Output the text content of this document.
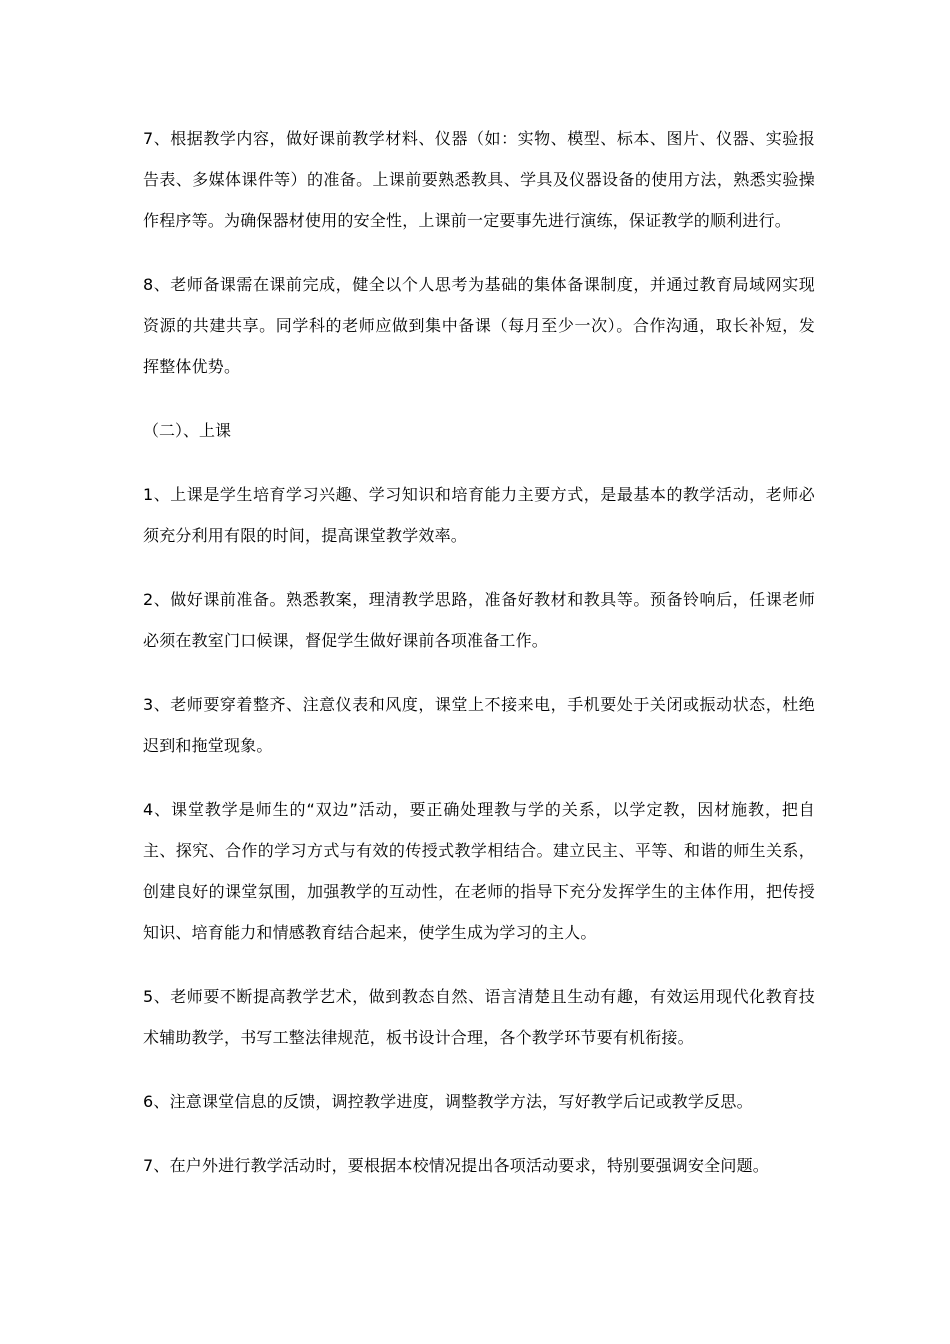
7、根据教学内容，做好课前教学材料、仪器（如：实物、模型、标本、图片、仪器、实验报告表、多媒体课件等）的准备。上课前要熟悉教具、学具及仪器设备的使用方法，熟悉实验操作程序等。为确保器材使用的安全性，上课前一定要事先进行演练，保证教学的顺利进行。

8、老师备课需在课前完成，健全以个人思考为基础的集体备课制度，并通过教育局域网实现资源的共建共享。同学科的老师应做到集中备课（每月至少一次）。合作沟通，取长补短，发挥整体优势。

（二）、上课

1、上课是学生培育学习兴趣、学习知识和培育能力主要方式，是最基本的教学活动，老师必须充分利用有限的时间，提高课堂教学效率。

2、做好课前准备。熟悉教案，理清教学思路，准备好教材和教具等。预备铃响后，任课老师必须在教室门口候课，督促学生做好课前各项准备工作。

3、老师要穿着整齐、注意仪表和风度，课堂上不接来电，手机要处于关闭或振动状态，杜绝迟到和拖堂现象。

4、课堂教学是师生的“双边”活动，要正确处理教与学的关系，以学定教，因材施教，把自主、探究、合作的学习方式与有效的传授式教学相结合。建立民主、平等、和谐的师生关系，创建良好的课堂氛围，加强教学的互动性，在老师的指导下充分发挥学生的主体作用，把传授知识、培育能力和情感教育结合起来，使学生成为学习的主人。

5、老师要不断提高教学艺术，做到教态自然、语言清楚且生动有趣，有效运用现代化教育技术辅助教学，书写工整法律规范，板书设计合理，各个教学环节要有机衔接。

6、注意课堂信息的反馈，调控教学进度，调整教学方法，写好教学后记或教学反思。

7、在户外进行教学活动时，要根据本校情况提出各项活动要求，特别要强调安全问题。
